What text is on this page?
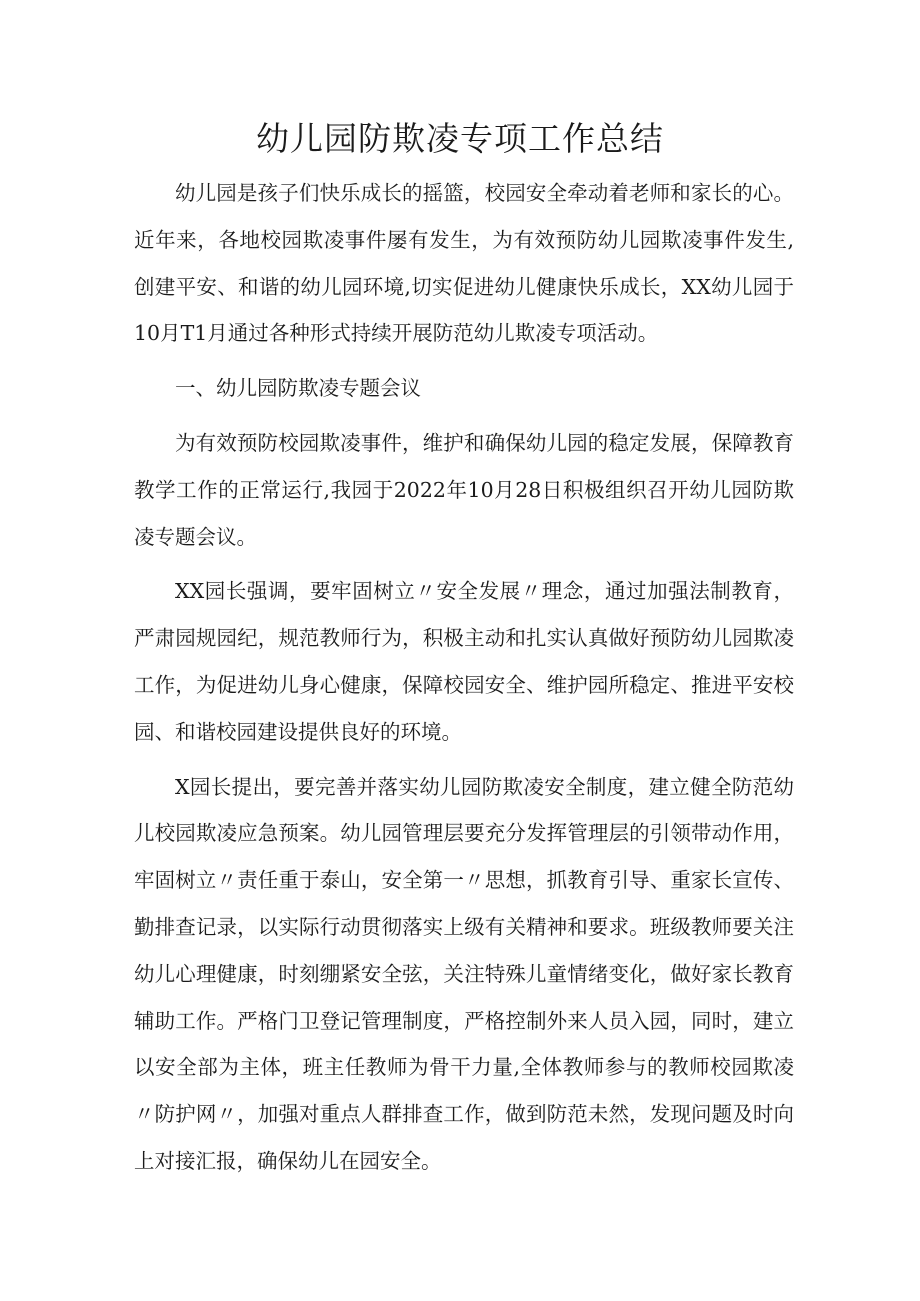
幼儿园防欺凌专项工作总结

幼儿园是孩子们快乐成长的摇篮，校园安全牵动着老师和家长的心。近年来，各地校园欺凌事件屡有发生，为有效预防幼儿园欺凌事件发生,创建平安、和谐的幼儿园环境,切实促进幼儿健康快乐成长，XX幼儿园于10月T1月通过各种形式持续开展防范幼儿欺凌专项活动。

一、幼儿园防欺凌专题会议

为有效预防校园欺凌事件，维护和确保幼儿园的稳定发展，保障教育教学工作的正常运行,我园于2022年10月28日积极组织召开幼儿园防欺凌专题会议。

XX园长强调，要牢固树立〃安全发展〃理念，通过加强法制教育，严肃园规园纪，规范教师行为，积极主动和扎实认真做好预防幼儿园欺凌工作，为促进幼儿身心健康，保障校园安全、维护园所稳定、推进平安校园、和谐校园建设提供良好的环境。

X园长提出，要完善并落实幼儿园防欺凌安全制度，建立健全防范幼儿校园欺凌应急预案。幼儿园管理层要充分发挥管理层的引领带动作用，牢固树立〃责任重于泰山，安全第一〃思想，抓教育引导、重家长宣传、勤排查记录，以实际行动贯彻落实上级有关精神和要求。班级教师要关注幼儿心理健康，时刻绷紧安全弦，关注特殊儿童情绪变化，做好家长教育辅助工作。严格门卫登记管理制度，严格控制外来人员入园，同时，建立以安全部为主体，班主任教师为骨干力量,全体教师参与的教师校园欺凌〃防护网〃，加强对重点人群排查工作，做到防范未然，发现问题及时向上对接汇报，确保幼儿在园安全。
